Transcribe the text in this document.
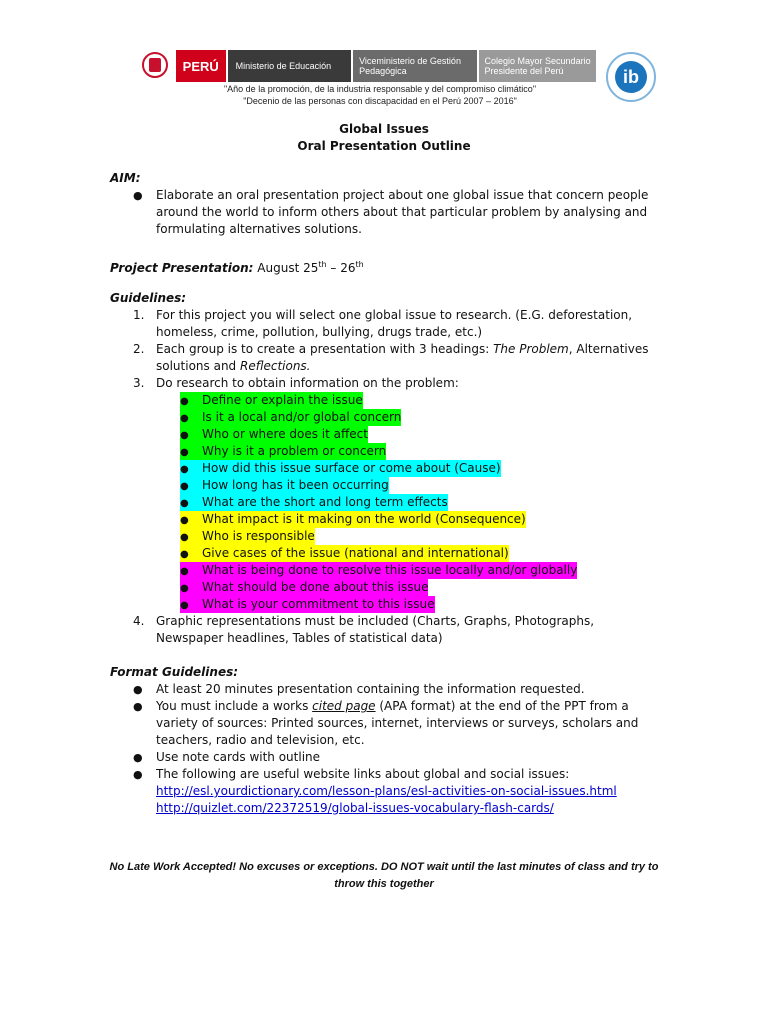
PERÚ Ministerio de Educación	Viceministerio de Gestión Pedagógica
Colegio Mayor Secundario Presidente del Perú	ib
"Año de la promoción, de la industria responsable y del compromiso climático"
"Decenio de las personas con discapacidad en el Perú 2007 – 2016"
Global Issues
Oral Presentation Outline
AIM:
● Elaborate an oral presentation project about one global issue that concern people
around the world to inform others about that particular problem by analysing and
formulating alternatives solutions.
Project Presentation: August 25th – 26th
Guidelines:
1. For this project you will select one global issue to research. (E.G. deforestation,
homeless, crime, pollution, bullying, drugs trade, etc.)
2. Each group is to create a presentation with 3 headings: The Problem, Alternatives
solutions and Reflections.
3. Do research to obtain information on the problem:
● Define or explain the issue
● Is it a local and/or global concern
● Who or where does it affect
● Why is it a problem or concern
● How did this issue surface or come about (Cause)
● How long has it been occurring
● What are the short and long term effects
● What impact is it making on the world (Consequence)
● Who is responsible
● Give cases of the issue (national and international)
● What is being done to resolve this issue locally and/or globally
● What should be done about this issue
● What is your commitment to this issue
4. Graphic representations must be included (Charts, Graphs, Photographs,
Newspaper headlines, Tables of statistical data)
Format Guidelines:
● At least 20 minutes presentation containing the information requested.
● You must include a works cited page (APA format) at the end of the PPT from a
variety of sources: Printed sources, internet, interviews or surveys, scholars and
teachers, radio and television, etc.
● Use note cards with outline
● The following are useful website links about global and social issues:
http://esl.yourdictionary.com/lesson-plans/esl-activities-on-social-issues.html
http://quizlet.com/22372519/global-issues-vocabulary-flash-cards/
No Late Work Accepted! No excuses or exceptions. DO NOT wait until the last minutes of class and try to
throw this together
